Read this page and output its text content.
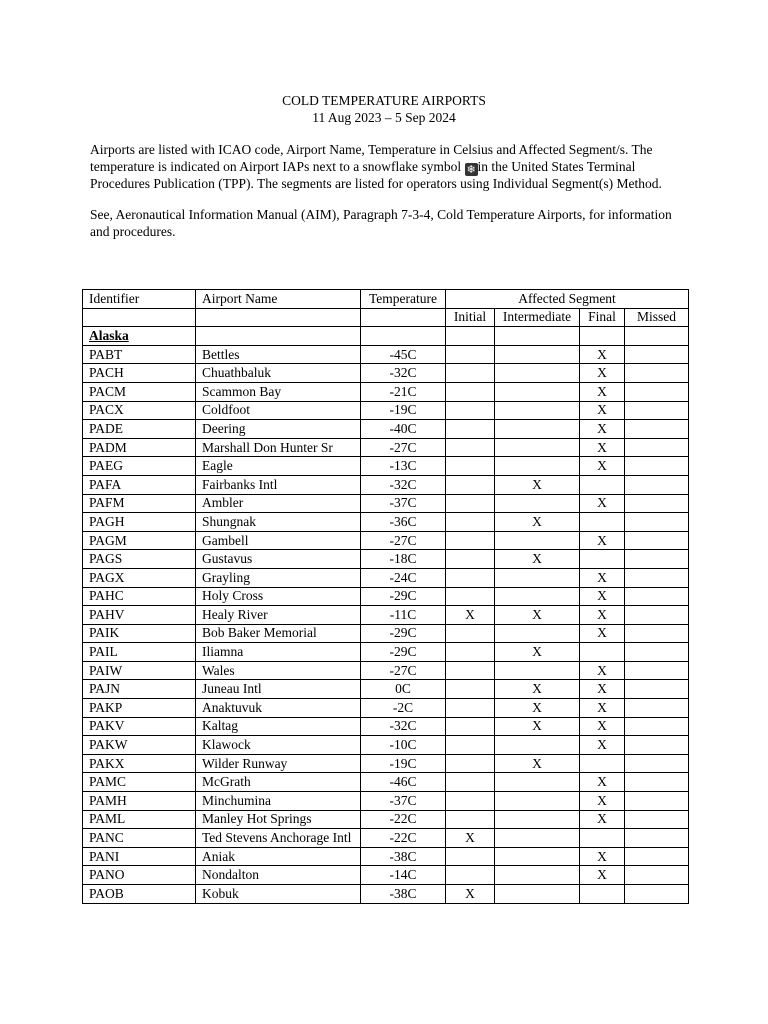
COLD TEMPERATURE AIRPORTS
11 Aug 2023 – 5 Sep 2024
Airports are listed with ICAO code, Airport Name, Temperature in Celsius and Affected Segment/s. The temperature is indicated on Airport IAPs next to a snowflake symbol ❄ in the United States Terminal Procedures Publication (TPP). The segments are listed for operators using Individual Segment(s) Method.
See, Aeronautical Information Manual (AIM), Paragraph 7-3-4, Cold Temperature Airports, for information and procedures.
Identifier	Airport Name	Temperature	Affected Segment			
			Initial	Intermediate	Final	Missed
Alaska						
PABT	Bettles	-45C			X	
PACH	Chuathbaluk	-32C			X	
PACM	Scammon Bay	-21C			X	
PACX	Coldfoot	-19C			X	
PADE	Deering	-40C			X	
PADM	Marshall Don Hunter Sr	-27C			X	
PAEG	Eagle	-13C			X	
PAFA	Fairbanks Intl	-32C		X		
PAFM	Ambler	-37C			X	
PAGH	Shungnak	-36C		X		
PAGM	Gambell	-27C			X	
PAGS	Gustavus	-18C		X		
PAGX	Grayling	-24C			X	
PAHC	Holy Cross	-29C			X	
PAHV	Healy River	-11C	X	X	X	
PAIK	Bob Baker Memorial	-29C			X	
PAIL	Iliamna	-29C		X		
PAIW	Wales	-27C			X	
PAJN	Juneau Intl	0C		X	X	
PAKP	Anaktuvuk	-2C		X	X	
PAKV	Kaltag	-32C		X	X	
PAKW	Klawock	-10C			X	
PAKX	Wilder Runway	-19C		X		
PAMC	McGrath	-46C			X	
PAMH	Minchumina	-37C			X	
PAML	Manley Hot Springs	-22C			X	
PANC	Ted Stevens Anchorage Intl	-22C	X			
PANI	Aniak	-38C			X	
PANO	Nondalton	-14C			X	
PAOB	Kobuk	-38C	X			
